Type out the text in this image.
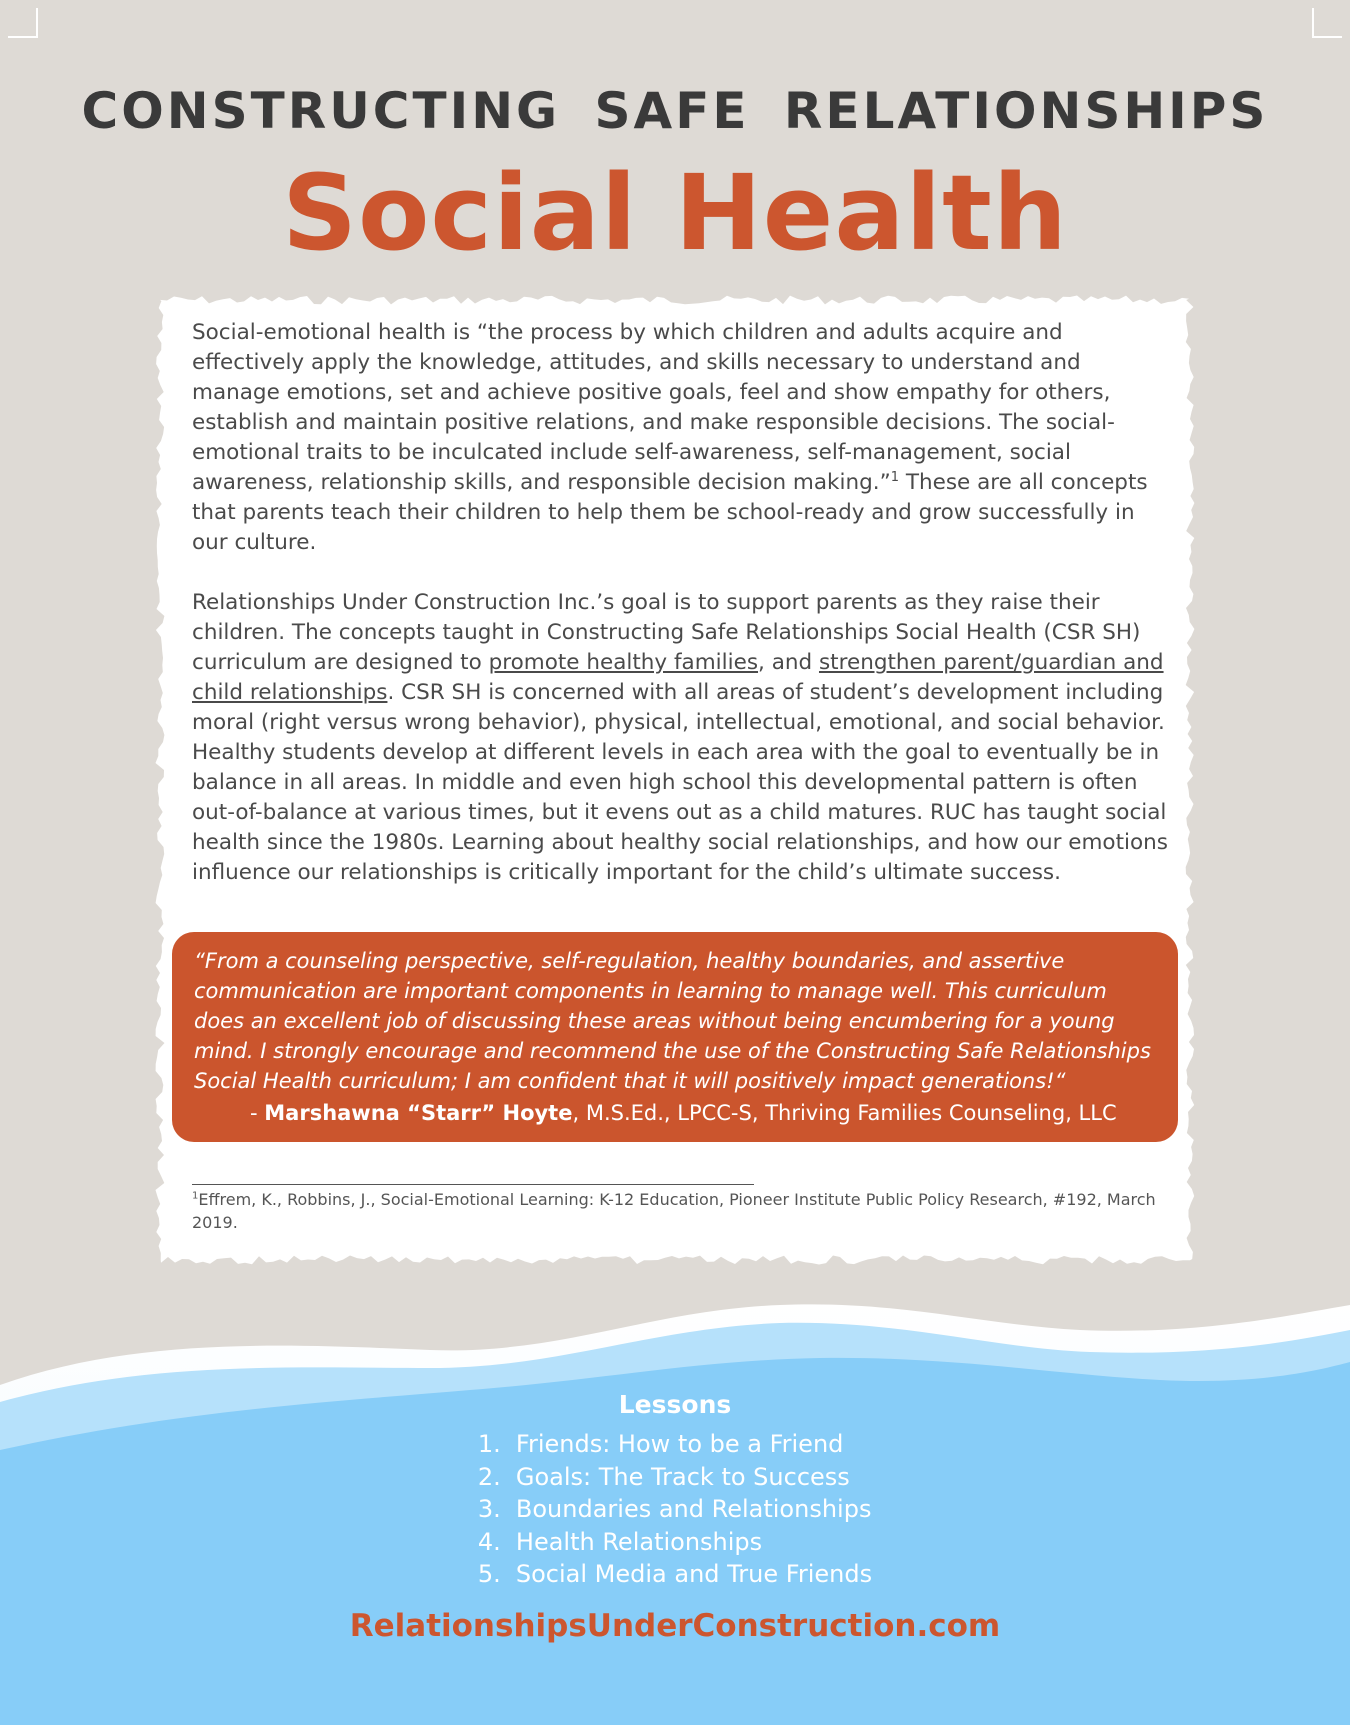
CONSTRUCTING SAFE RELATIONSHIPS
Social Health

Social-emotional health is “the process by which children and adults acquire and effectively apply the knowledge, attitudes, and skills necessary to understand and manage emotions, set and achieve positive goals, feel and show empathy for others, establish and maintain positive relations, and make responsible decisions. The social-emotional traits to be inculcated include self-awareness, self-management, social awareness, relationship skills, and responsible decision making.”$^1$ These are all concepts that parents teach their children to help them be school-ready and grow successfully in our culture.

Relationships Under Construction Inc.’s goal is to support parents as they raise their children. The concepts taught in Constructing Safe Relationships Social Health (CSR SH) curriculum are designed to promote healthy families, and strengthen parent/guardian and child relationships. CSR SH is concerned with all areas of student’s development including moral (right versus wrong behavior), physical, intellectual, emotional, and social behavior. Healthy students develop at different levels in each area with the goal to eventually be in balance in all areas. In middle and even high school this developmental pattern is often out-of-balance at various times, but it evens out as a child matures. RUC has taught social health since the 1980s. Learning about healthy social relationships, and how our emotions influence our relationships is critically important for the child’s ultimate success.

“From a counseling perspective, self-regulation, healthy boundaries, and assertive communication are important components in learning to manage well. This curriculum does an excellent job of discussing these areas without being encumbering for a young mind. I strongly encourage and recommend the use of the Constructing Safe Relationships Social Health curriculum; I am confident that it will positively impact generations!“

- Marshawna “Starr” Hoyte, M.S.Ed., LPCC-S, Thriving Families Counseling, LLC

$^1$Effrem, K., Robbins, J., Social-Emotional Learning: K-12 Education, Pioneer Institute Public Policy Research, #192, March 2019.

Lessons

1. Friends: How to be a Friend
2. Goals: The Track to Success
3. Boundaries and Relationships
4. Health Relationships
5. Social Media and True Friends

RelationshipsUnderConstruction.com
